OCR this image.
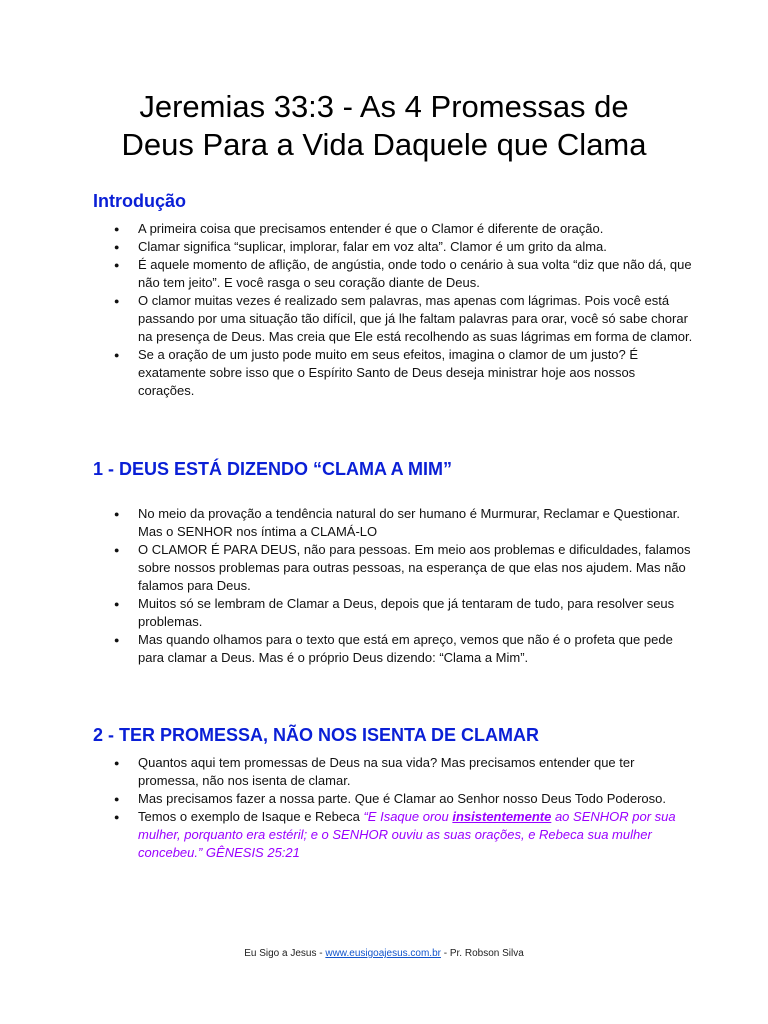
Jeremias 33:3 - As 4 Promessas de
Deus Para a Vida Daquele que Clama
Introdução
● A primeira coisa que precisamos entender é que o Clamor é diferente de oração.
● Clamar significa “suplicar, implorar, falar em voz alta”. Clamor é um grito da alma.
● É aquele momento de aflição, de angústia, onde todo o cenário à sua volta “diz que não dá, que não tem jeito”. E você rasga o seu coração diante de Deus.
● O clamor muitas vezes é realizado sem palavras, mas apenas com lágrimas. Pois você está passando por uma situação tão difícil, que já lhe faltam palavras para orar, você só sabe chorar na presença de Deus. Mas creia que Ele está recolhendo as suas lágrimas em forma de clamor.
● Se a oração de um justo pode muito em seus efeitos, imagina o clamor de um justo? É exatamente sobre isso que o Espírito Santo de Deus deseja ministrar hoje aos nossos corações.
1 - DEUS ESTÁ DIZENDO “CLAMA A MIM”
● No meio da provação a tendência natural do ser humano é Murmurar, Reclamar e Questionar. Mas o SENHOR nos íntima a CLAMÁ-LO
● O CLAMOR É PARA DEUS, não para pessoas. Em meio aos problemas e dificuldades, falamos sobre nossos problemas para outras pessoas, na esperança de que elas nos ajudem. Mas não falamos para Deus.
● Muitos só se lembram de Clamar a Deus, depois que já tentaram de tudo, para resolver seus problemas.
● Mas quando olhamos para o texto que está em apreço, vemos que não é o profeta que pede para clamar a Deus. Mas é o próprio Deus dizendo: “Clama a Mim”.
2 - TER PROMESSA, NÃO NOS ISENTA DE CLAMAR
● Quantos aqui tem promessas de Deus na sua vida? Mas precisamos entender que ter promessa, não nos isenta de clamar.
● Mas precisamos fazer a nossa parte. Que é Clamar ao Senhor nosso Deus Todo Poderoso.
● Temos o exemplo de Isaque e Rebeca “E Isaque orou insistentemente ao SENHOR por sua mulher, porquanto era estéril; e o SENHOR ouviu as suas orações, e Rebeca sua mulher concebeu.” GÊNESIS 25:21
Eu Sigo a Jesus - www.eusigoajesus.com.br - Pr. Robson Silva
